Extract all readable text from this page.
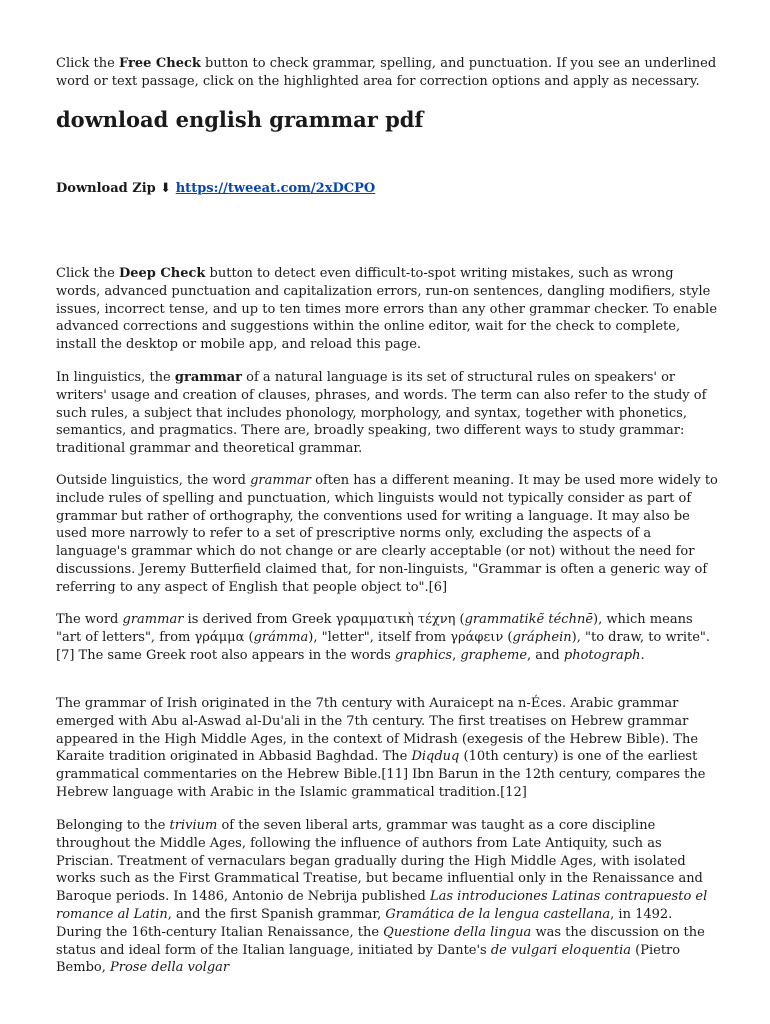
Click the Free Check button to check grammar, spelling, and punctuation. If you see an underlined word or text passage, click on the highlighted area for correction options and apply as necessary.

download english grammar pdf

Download Zip ⬇ https://tweeat.com/2xDCPO

Click the Deep Check button to detect even difficult-to-spot writing mistakes, such as wrong words, advanced punctuation and capitalization errors, run-on sentences, dangling modifiers, style issues, incorrect tense, and up to ten times more errors than any other grammar checker. To enable advanced corrections and suggestions within the online editor, wait for the check to complete, install the desktop or mobile app, and reload this page.

In linguistics, the grammar of a natural language is its set of structural rules on speakers' or writers' usage and creation of clauses, phrases, and words. The term can also refer to the study of such rules, a subject that includes phonology, morphology, and syntax, together with phonetics, semantics, and pragmatics. There are, broadly speaking, two different ways to study grammar: traditional grammar and theoretical grammar.

Outside linguistics, the word grammar often has a different meaning. It may be used more widely to include rules of spelling and punctuation, which linguists would not typically consider as part of grammar but rather of orthography, the conventions used for writing a language. It may also be used more narrowly to refer to a set of prescriptive norms only, excluding the aspects of a language's grammar which do not change or are clearly acceptable (or not) without the need for discussions. Jeremy Butterfield claimed that, for non-linguists, "Grammar is often a generic way of referring to any aspect of English that people object to".[6]

The word grammar is derived from Greek γραμματικὴ τέχνη (grammatikẽ téchnē), which means "art of letters", from γράμμα (grámma), "letter", itself from γράφειν (gráphein), "to draw, to write".[7] The same Greek root also appears in the words graphics, grapheme, and photograph.

The grammar of Irish originated in the 7th century with Auraicept na n-Éces. Arabic grammar emerged with Abu al-Aswad al-Du'ali in the 7th century. The first treatises on Hebrew grammar appeared in the High Middle Ages, in the context of Midrash (exegesis of the Hebrew Bible). The Karaite tradition originated in Abbasid Baghdad. The Diqduq (10th century) is one of the earliest grammatical commentaries on the Hebrew Bible.[11] Ibn Barun in the 12th century, compares the Hebrew language with Arabic in the Islamic grammatical tradition.[12]

Belonging to the trivium of the seven liberal arts, grammar was taught as a core discipline throughout the Middle Ages, following the influence of authors from Late Antiquity, such as Priscian. Treatment of vernaculars began gradually during the High Middle Ages, with isolated works such as the First Grammatical Treatise, but became influential only in the Renaissance and Baroque periods. In 1486, Antonio de Nebrija published Las introduciones Latinas contrapuesto el romance al Latin, and the first Spanish grammar, Gramática de la lengua castellana, in 1492. During the 16th-century Italian Renaissance, the Questione della lingua was the discussion on the status and ideal form of the Italian language, initiated by Dante's de vulgari eloquentia (Pietro Bembo, Prose della volgar
